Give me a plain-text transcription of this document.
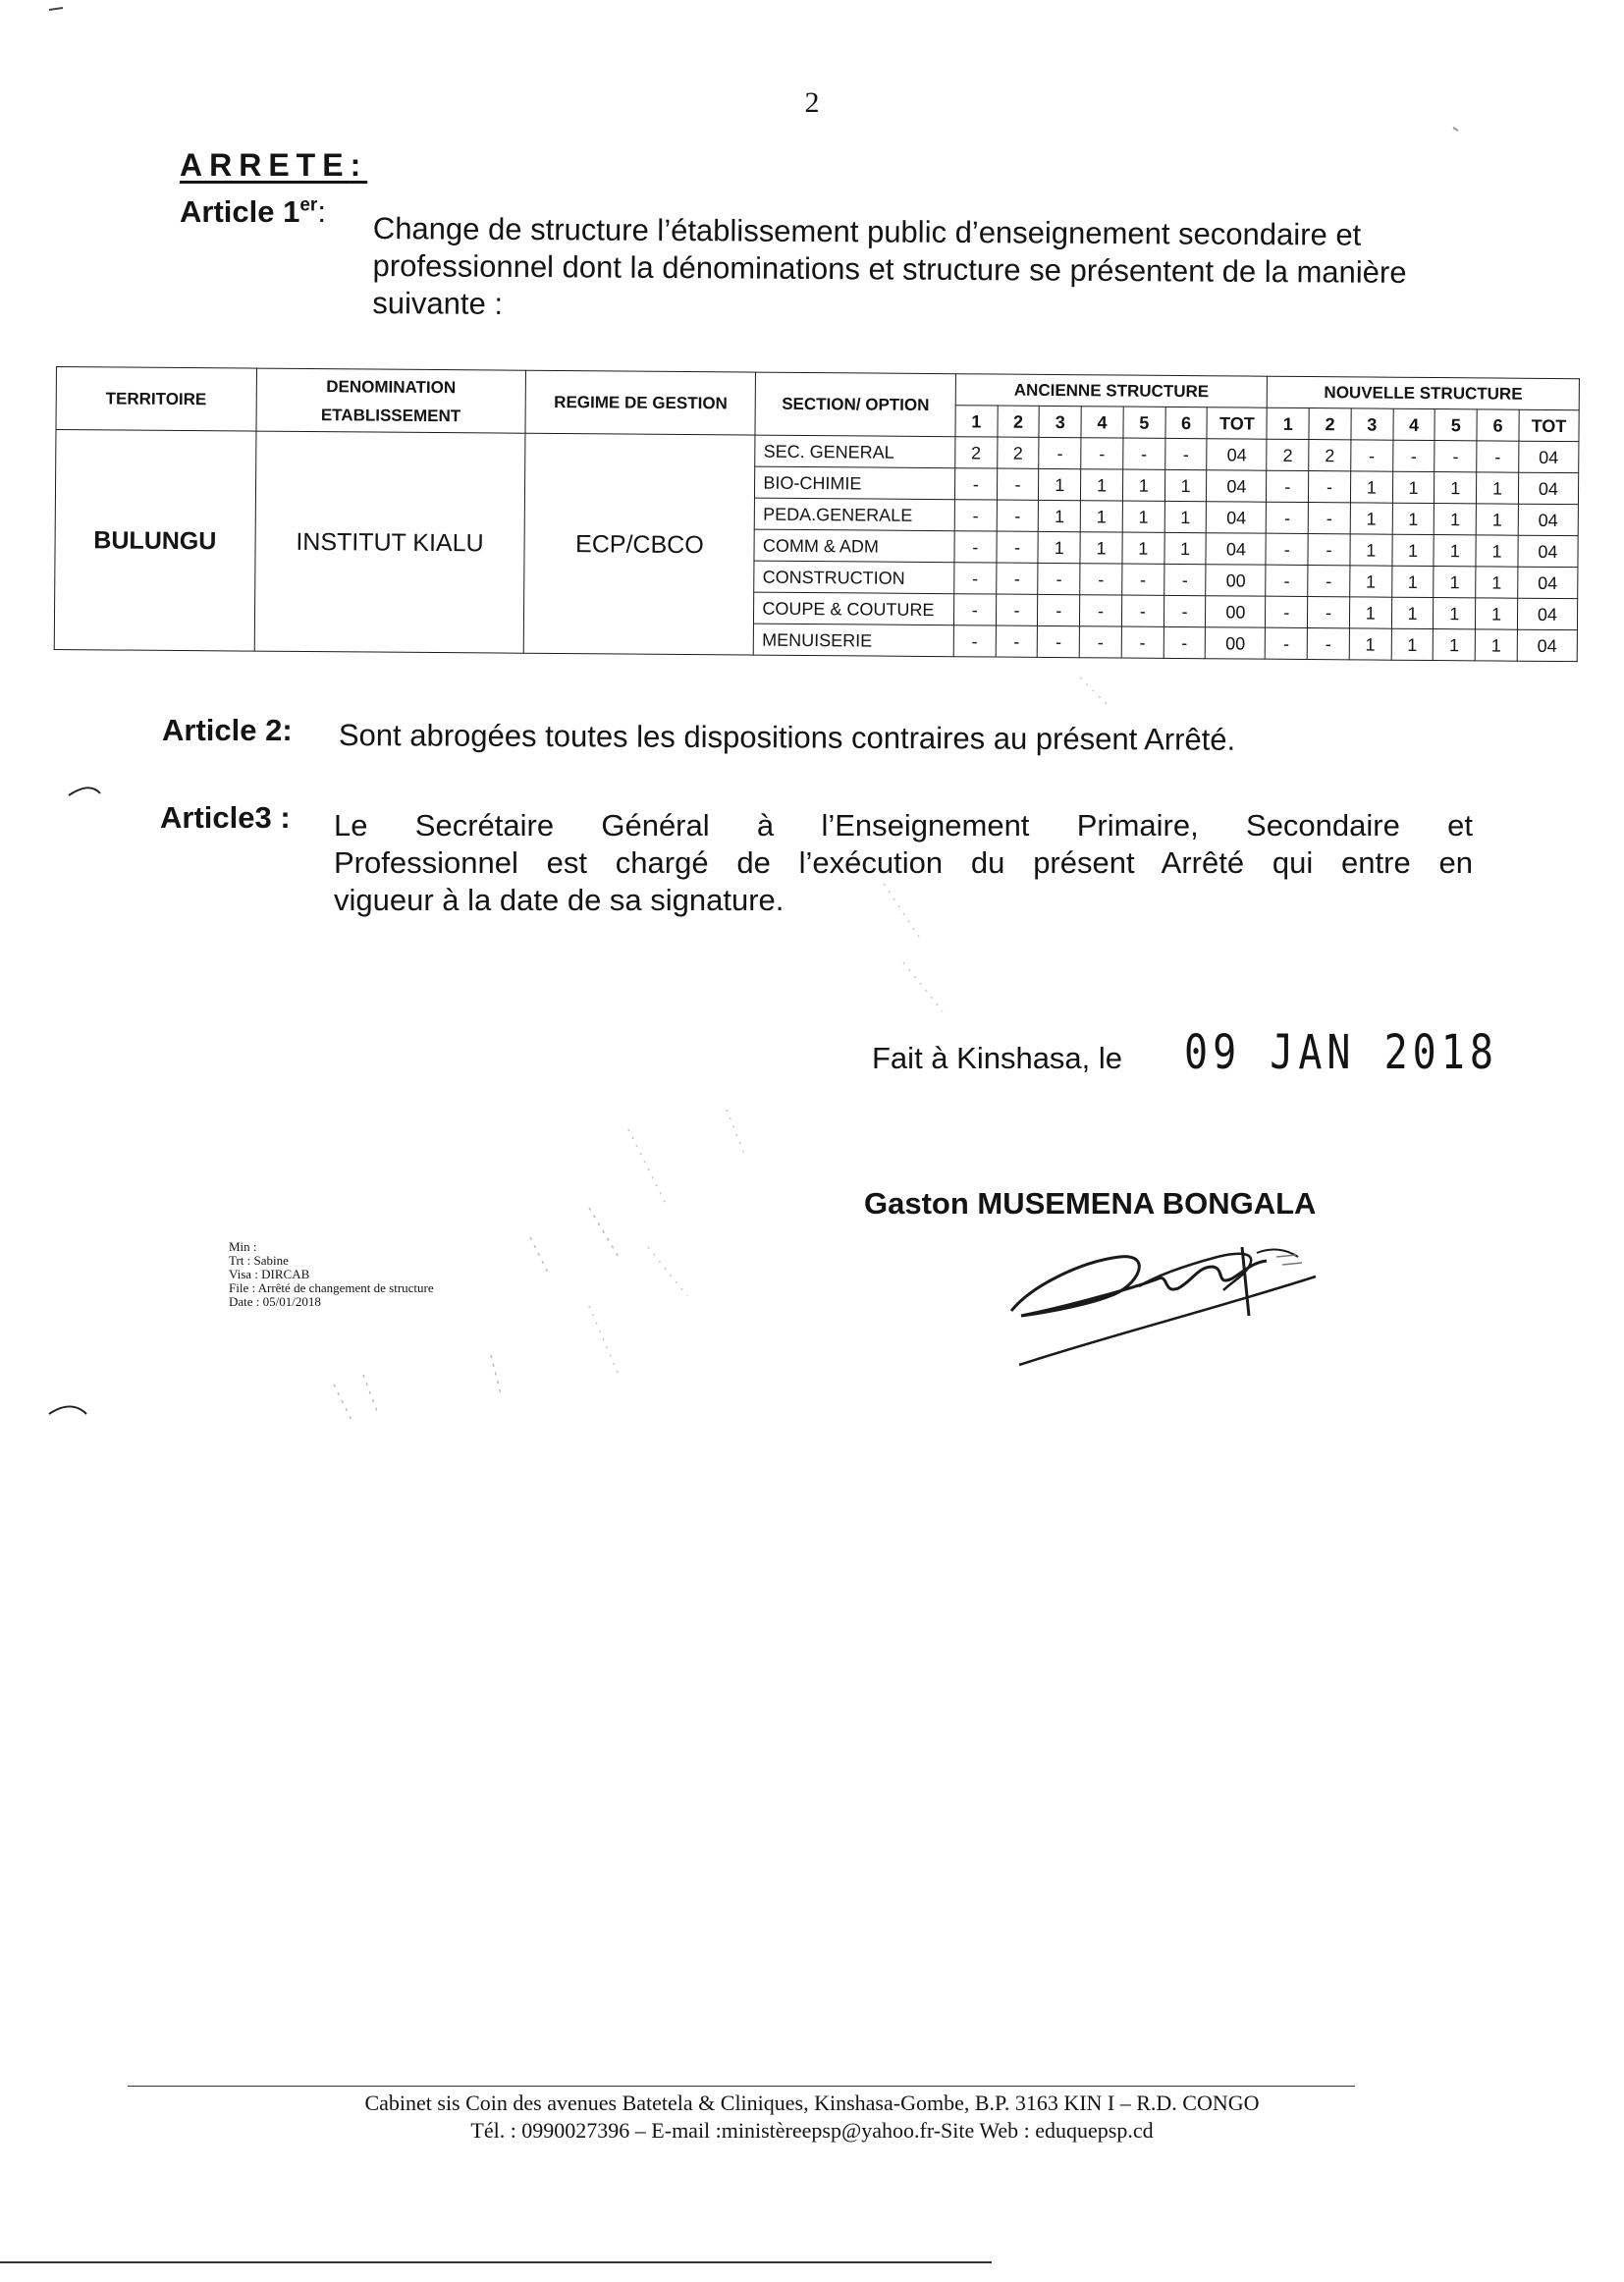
2
ARRETE:
Article 1er: Change de structure l’établissement public d’enseignement secondaire et
professionnel dont la dénominations et structure se présentent de la manière
suivante :
TERRITOIRE	DENOMINATION ETABLISSEMENT	REGIME DE GESTION	SECTION/ OPTION	ANCIENNE STRUCTURE							NOUVELLE STRUCTURE						
				1	2	3	4	5	6	TOT	1	2	3	4	5	6	TOT
BULUNGU	INSTITUT KIALU	ECP/CBCO	SEC. GENERAL	2	2	-	-	-	-	04	2	2	-	-	-	-	04
			BIO-CHIMIE	-	-	1	1	1	1	04	-	-	1	1	1	1	04
			PEDA.GENERALE	-	-	1	1	1	1	04	-	-	1	1	1	1	04
			COMM & ADM	-	-	1	1	1	1	04	-	-	1	1	1	1	04
			CONSTRUCTION	-	-	-	-	-	-	00	-	-	1	1	1	1	04
			COUPE & COUTURE	-	-	-	-	-	-	00	-	-	1	1	1	1	04
			MENUISERIE	-	-	-	-	-	-	00	-	-	1	1	1	1	04
Article 2: Sont abrogées toutes les dispositions contraires au présent Arrêté.
Article3 : Le Secrétaire Général à l’Enseignement Primaire, Secondaire et
Professionnel est chargé de l’exécution du présent Arrêté qui entre en
vigueur à la date de sa signature.
Fait à Kinshasa, le 09 JAN 2018
Gaston MUSEMENA BONGALA
Min :
Trt : Sabine
Visa : DIRCAB
File : Arrêté de changement de structure
Date : 05/01/2018
Cabinet sis Coin des avenues Batetela & Cliniques, Kinshasa-Gombe, B.P. 3163 KIN I – R.D. CONGO
Tél. : 0990027396 – E-mail :ministèreepsp@yahoo.fr-Site Web : eduquepsp.cd
